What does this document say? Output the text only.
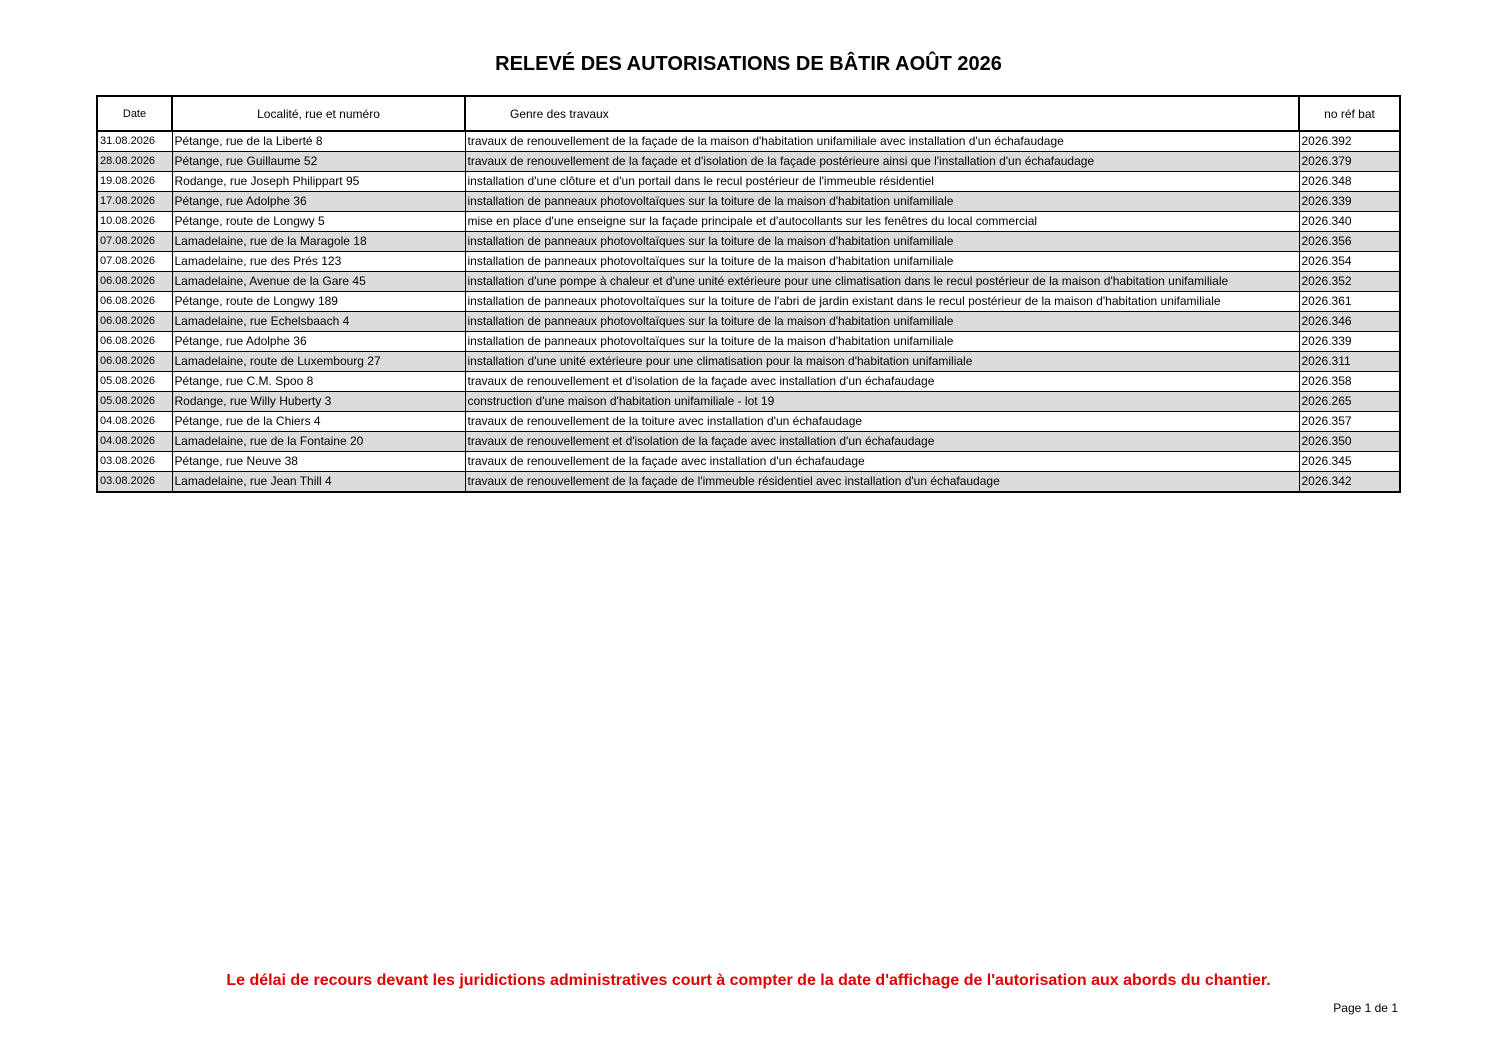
RELEVÉ DES AUTORISATIONS DE BÂTIR AOÛT 2026
Date	Localité, rue et numéro	Genre des travaux	no réf bat
31.08.2026	Pétange, rue de la Liberté 8	travaux de renouvellement de la façade de la maison d'habitation unifamiliale avec installation d'un échafaudage	2026.392
28.08.2026	Pétange, rue Guillaume 52	travaux de renouvellement de la façade et d'isolation de la façade postérieure ainsi que l'installation d'un échafaudage	2026.379
19.08.2026	Rodange, rue Joseph Philippart 95	installation d'une clôture et d'un portail dans le recul postérieur de l'immeuble résidentiel	2026.348
17.08.2026	Pétange, rue Adolphe 36	installation de panneaux photovoltaïques sur la toiture de la maison d'habitation unifamiliale	2026.339
10.08.2026	Pétange, route de Longwy 5	mise en place d'une enseigne sur la façade principale et d'autocollants sur les fenêtres du local commercial	2026.340
07.08.2026	Lamadelaine, rue de la Maragole 18	installation de panneaux photovoltaïques sur la toiture de la maison d'habitation unifamiliale	2026.356
07.08.2026	Lamadelaine, rue des Prés 123	installation de panneaux photovoltaïques sur la toiture de la maison d'habitation unifamiliale	2026.354
06.08.2026	Lamadelaine, Avenue de la Gare 45	installation d'une pompe à chaleur et d'une unité extérieure pour une climatisation dans le recul postérieur de la maison d'habitation unifamiliale	2026.352
06.08.2026	Pétange, route de Longwy 189	installation de panneaux photovoltaïques sur la toiture de l'abri de jardin existant dans le recul postérieur de la maison d'habitation unifamiliale	2026.361
06.08.2026	Lamadelaine, rue Echelsbaach 4	installation de panneaux photovoltaïques sur la toiture de la maison d'habitation unifamiliale	2026.346
06.08.2026	Pétange, rue Adolphe 36	installation de panneaux photovoltaïques sur la toiture de la maison d'habitation unifamiliale	2026.339
06.08.2026	Lamadelaine, route de Luxembourg 27	installation d'une unité extérieure pour une climatisation pour la maison d'habitation unifamiliale	2026.311
05.08.2026	Pétange, rue C.M. Spoo 8	travaux de renouvellement et d'isolation de la façade avec installation d'un échafaudage	2026.358
05.08.2026	Rodange, rue Willy Huberty 3	construction d'une maison d'habitation unifamiliale - lot 19	2026.265
04.08.2026	Pétange, rue de la Chiers 4	travaux de renouvellement de la toiture avec installation d'un échafaudage	2026.357
04.08.2026	Lamadelaine, rue de la Fontaine 20	travaux de renouvellement et d'isolation de la façade avec installation d'un échafaudage	2026.350
03.08.2026	Pétange, rue Neuve 38	travaux de renouvellement de la façade avec installation d'un échafaudage	2026.345
03.08.2026	Lamadelaine, rue Jean Thill 4	travaux de renouvellement de la façade de l'immeuble résidentiel avec installation d'un échafaudage	2026.342
Le délai de recours devant les juridictions administratives court à compter de la date d'affichage de l'autorisation aux abords du chantier.
Page 1 de 1
